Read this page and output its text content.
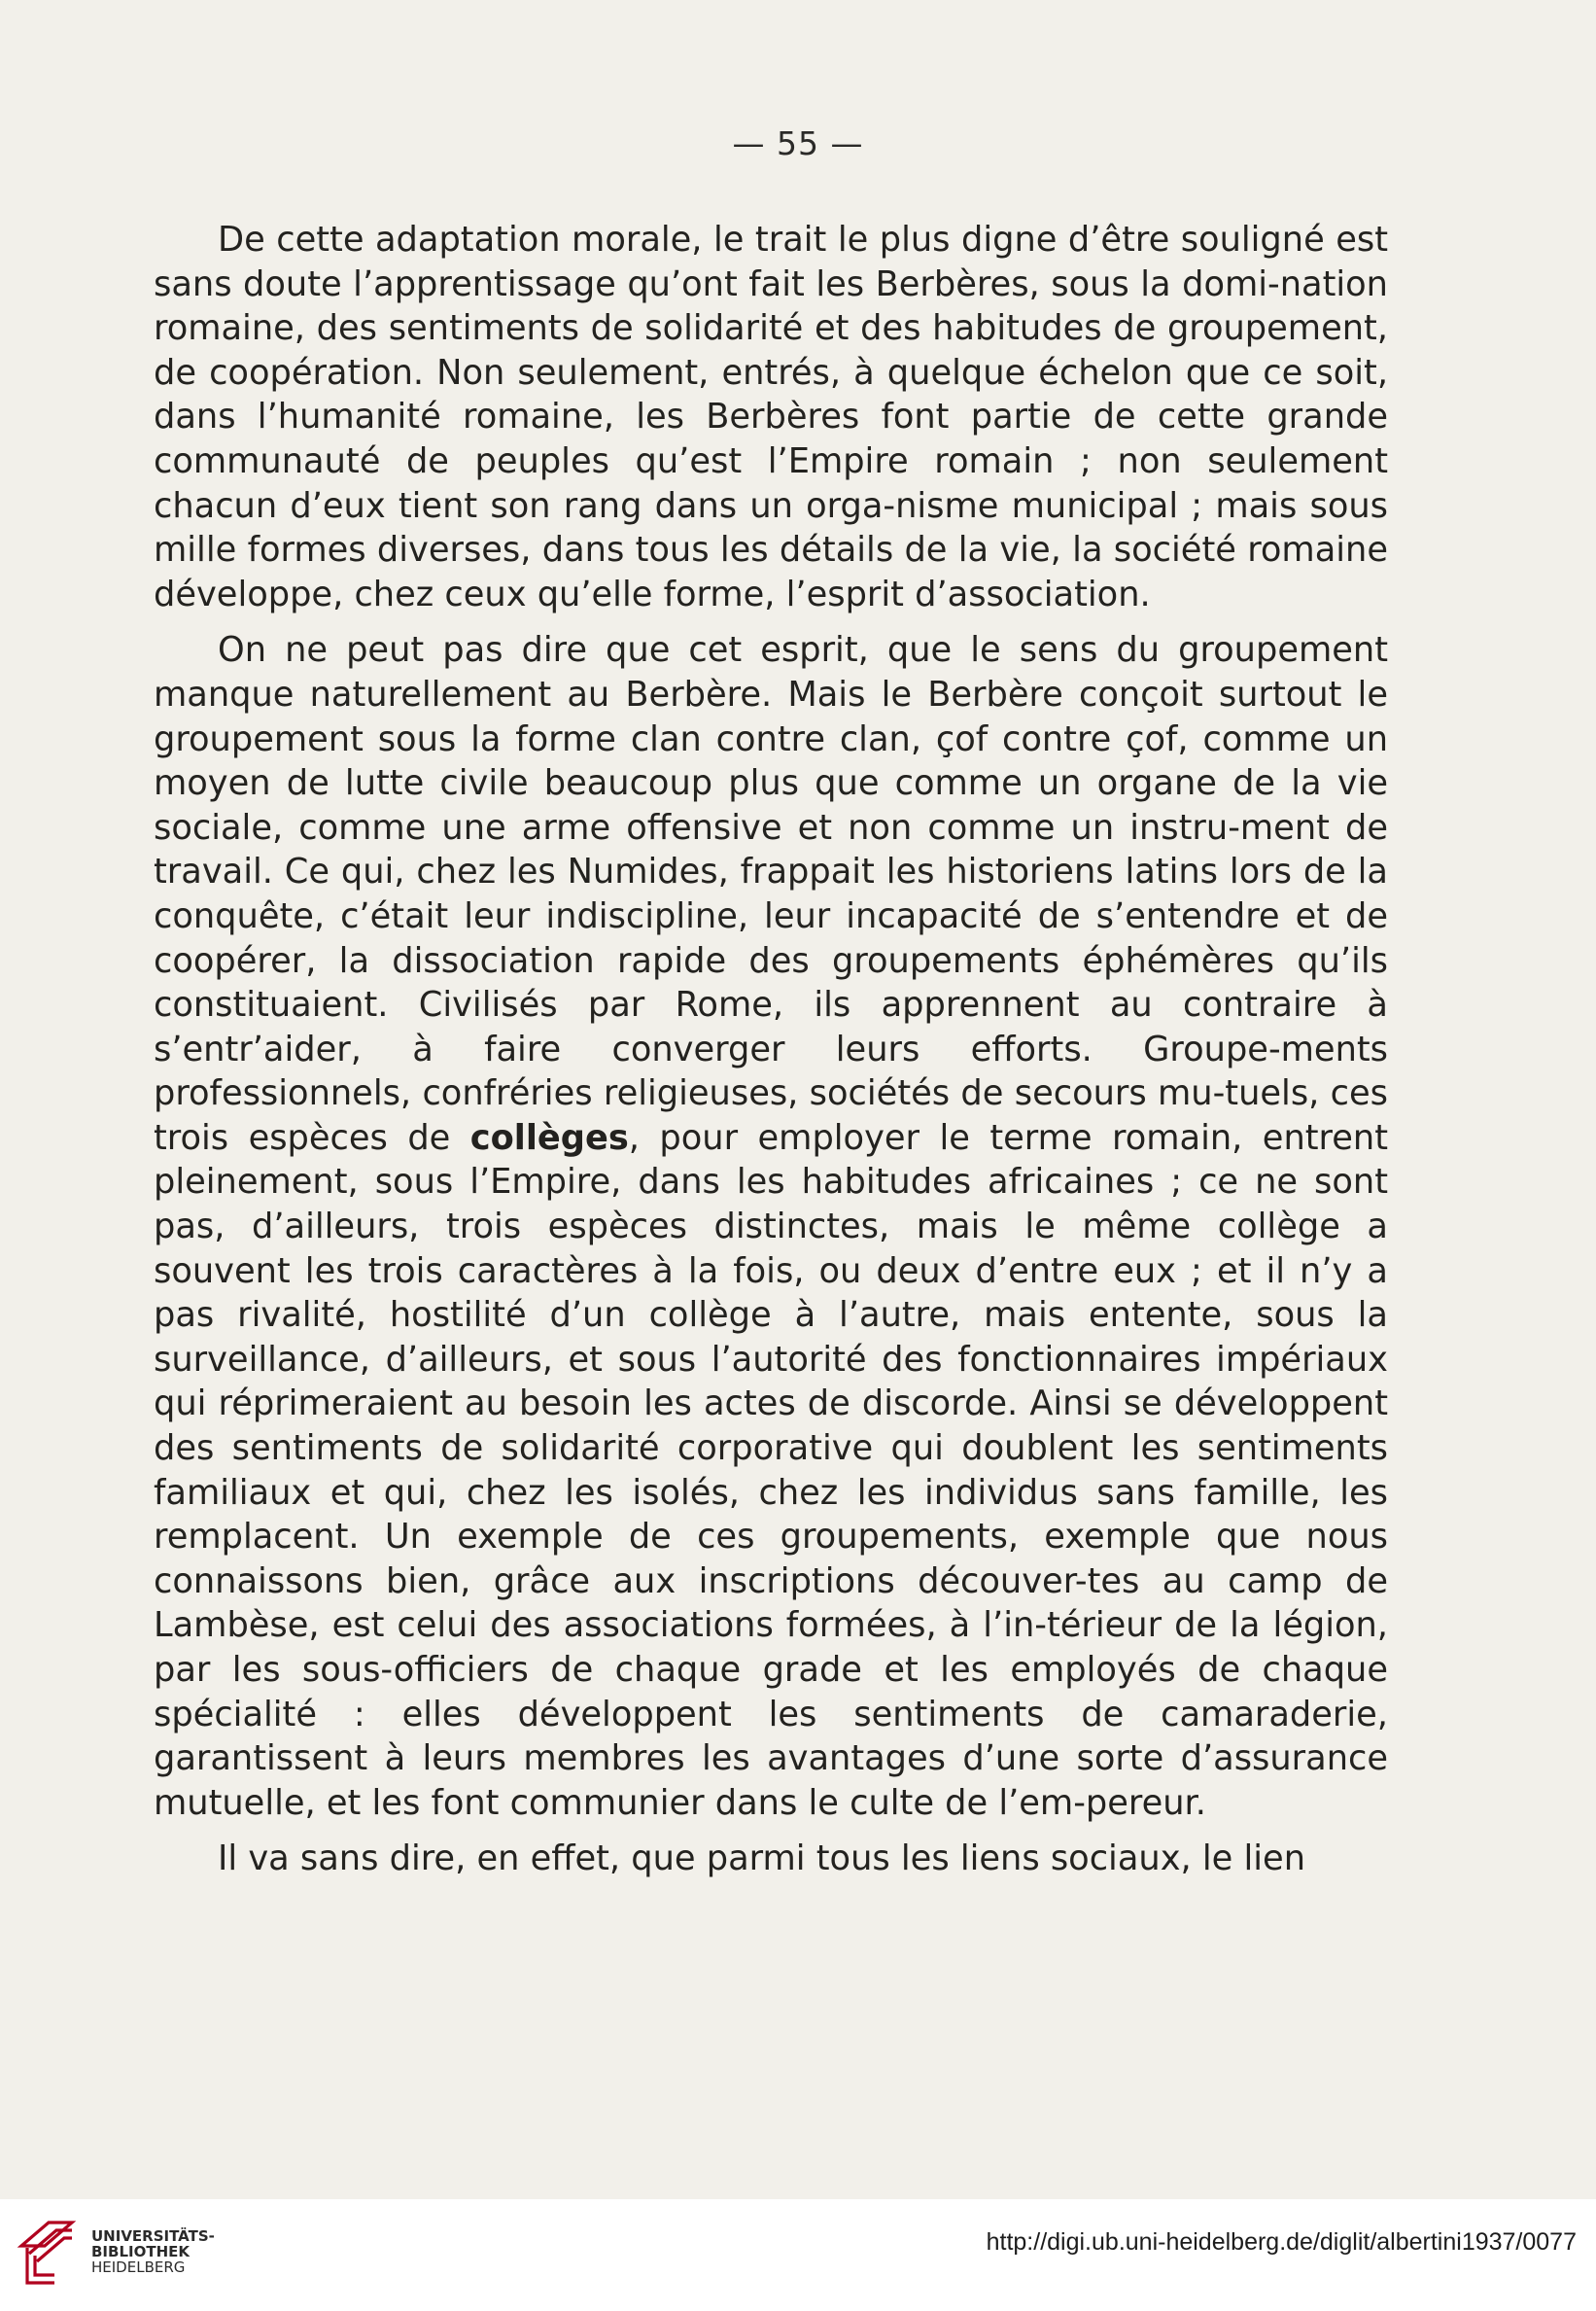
— 55 —

De cette adaptation morale, le trait le plus digne d’être souligné est sans doute l’apprentissage qu’ont fait les Berbères, sous la domi-nation romaine, des sentiments de solidarité et des habitudes de groupement, de coopération. Non seulement, entrés, à quelque échelon que ce soit, dans l’humanité romaine, les Berbères font partie de cette grande communauté de peuples qu’est l’Empire romain ; non seulement chacun d’eux tient son rang dans un orga-nisme municipal ; mais sous mille formes diverses, dans tous les détails de la vie, la société romaine développe, chez ceux qu’elle forme, l’esprit d’association.

On ne peut pas dire que cet esprit, que le sens du groupement manque naturellement au Berbère. Mais le Berbère conçoit surtout le groupement sous la forme clan contre clan, çof contre çof, comme un moyen de lutte civile beaucoup plus que comme un organe de la vie sociale, comme une arme offensive et non comme un instru-ment de travail. Ce qui, chez les Numides, frappait les historiens latins lors de la conquête, c’était leur indiscipline, leur incapacité de s’entendre et de coopérer, la dissociation rapide des groupements éphémères qu’ils constituaient. Civilisés par Rome, ils apprennent au contraire à s’entr’aider, à faire converger leurs efforts. Groupe-ments professionnels, confréries religieuses, sociétés de secours mu-tuels, ces trois espèces de collèges, pour employer le terme romain, entrent pleinement, sous l’Empire, dans les habitudes africaines ; ce ne sont pas, d’ailleurs, trois espèces distinctes, mais le même collège a souvent les trois caractères à la fois, ou deux d’entre eux ; et il n’y a pas rivalité, hostilité d’un collège à l’autre, mais entente, sous la surveillance, d’ailleurs, et sous l’autorité des fonctionnaires impériaux qui réprimeraient au besoin les actes de discorde. Ainsi se développent des sentiments de solidarité corporative qui doublent les sentiments familiaux et qui, chez les isolés, chez les individus sans famille, les remplacent. Un exemple de ces groupements, exemple que nous connaissons bien, grâce aux inscriptions découver-tes au camp de Lambèse, est celui des associations formées, à l’in-térieur de la légion, par les sous-officiers de chaque grade et les employés de chaque spécialité : elles développent les sentiments de camaraderie, garantissent à leurs membres les avantages d’une sorte d’assurance mutuelle, et les font communier dans le culte de l’em-pereur.

Il va sans dire, en effet, que parmi tous les liens sociaux, le lien

UNIVERSITÄTS-
BIBLIOTHEK
HEIDELBERG
http://digi.ub.uni-heidelberg.de/diglit/albertini1937/0077
